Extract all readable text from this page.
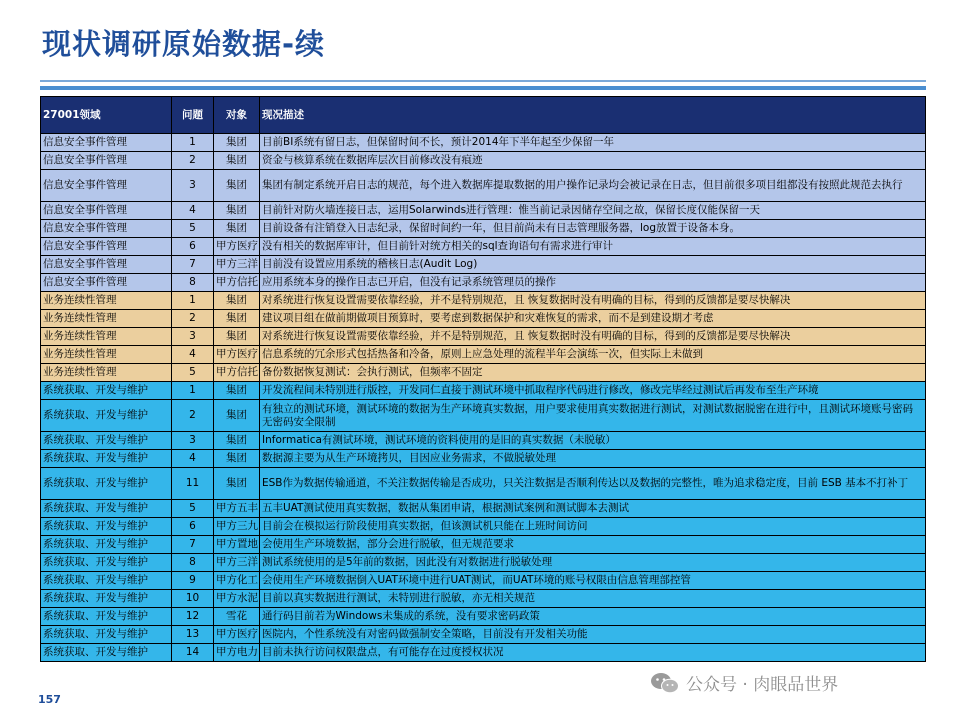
现状调研原始数据-续
27001领域	问题	对象	现况描述
信息安全事件管理	1	集团	目前BI系统有留日志，但保留时间不长，预计2014年下半年起至少保留一年
信息安全事件管理	2	集团	资金与核算系统在数据库层次目前修改没有痕迹
信息安全事件管理	3	集团	集团有制定系统开启日志的规范，每个进入数据库提取数据的用户操作记录均会被记录在日志，但目前很多项目组都没有按照此规范去执行
信息安全事件管理	4	集团	目前针对防火墙连接日志，运用Solarwinds进行管理：惟当前记录因储存空间之故，保留长度仅能保留一天
信息安全事件管理	5	集团	目前设备有注销登入日志纪录，保留时间约一年，但目前尚未有日志管理服务器，log放置于设备本身。
信息安全事件管理	6	甲方医疗	没有相关的数据库审计，但目前针对统方相关的sql查询语句有需求进行审计
信息安全事件管理	7	甲方三洋	目前没有设置应用系统的稽核日志(Audit Log)
信息安全事件管理	8	甲方信托	应用系统本身的操作日志已开启，但没有记录系统管理员的操作
业务连续性管理	1	集团	对系统进行恢复设置需要依靠经验，并不是特别规范，且 恢复数据时没有明确的目标，得到的反馈都是要尽快解决
业务连续性管理	2	集团	建议项目组在做前期做项目预算时，要考虑到数据保护和灾难恢复的需求，而不是到建设期才考虑
业务连续性管理	3	集团	对系统进行恢复设置需要依靠经验，并不是特别规范，且 恢复数据时没有明确的目标，得到的反馈都是要尽快解决
业务连续性管理	4	甲方医疗	信息系统的冗余形式包括热备和冷备，原则上应急处理的流程半年会演练一次，但实际上未做到
业务连续性管理	5	甲方信托	备份数据恢复测试：会执行测试，但频率不固定
系统获取、开发与维护	1	集团	开发流程间未特别进行版控，开发同仁直接于测试环境中抓取程序代码进行修改，修改完毕经过测试后再发布至生产环境
系统获取、开发与维护	2	集团	有独立的测试环境，测试环境的数据为生产环境真实数据，用户要求使用真实数据进行测试，对测试数据脱密在进行中，且测试环境账号密码无密码安全限制
系统获取、开发与维护	3	集团	Informatica有测试环境，测试环境的资料使用的是旧的真实数据（未脱敏）
系统获取、开发与维护	4	集团	数据源主要为从生产环境拷贝，目因应业务需求，不做脱敏处理
系统获取、开发与维护	11	集团	ESB作为数据传输通道，不关注数据传输是否成功，只关注数据是否顺利传达以及数据的完整性，唯为追求稳定度，目前 ESB 基本不打补丁
系统获取、开发与维护	5	甲方五丰	五丰UAT测试使用真实数据，数据从集团申请，根据测试案例和测试脚本去测试
系统获取、开发与维护	6	甲方三九	目前会在模拟运行阶段使用真实数据，但该测试机只能在上班时间访问
系统获取、开发与维护	7	甲方置地	会使用生产环境数据，部分会进行脱敏，但无规范要求
系统获取、开发与维护	8	甲方三洋	测试系统使用的是5年前的数据，因此没有对数据进行脱敏处理
系统获取、开发与维护	9	甲方化工	会使用生产环境数据倒入UAT环境中进行UAT测试，而UAT环境的账号权限由信息管理部控管
系统获取、开发与维护	10	甲方水泥	目前以真实数据进行测试，未特别进行脱敏，亦无相关规范
系统获取、开发与维护	12	雪花	通行码目前若为Windows未集成的系统，没有要求密码政策
系统获取、开发与维护	13	甲方医疗	医院内，个性系统没有对密码做强制安全策略，目前没有开发相关功能
系统获取、开发与维护	14	甲方电力	目前未执行访问权限盘点，有可能存在过度授权状况
157
公众号 · 肉眼品世界
